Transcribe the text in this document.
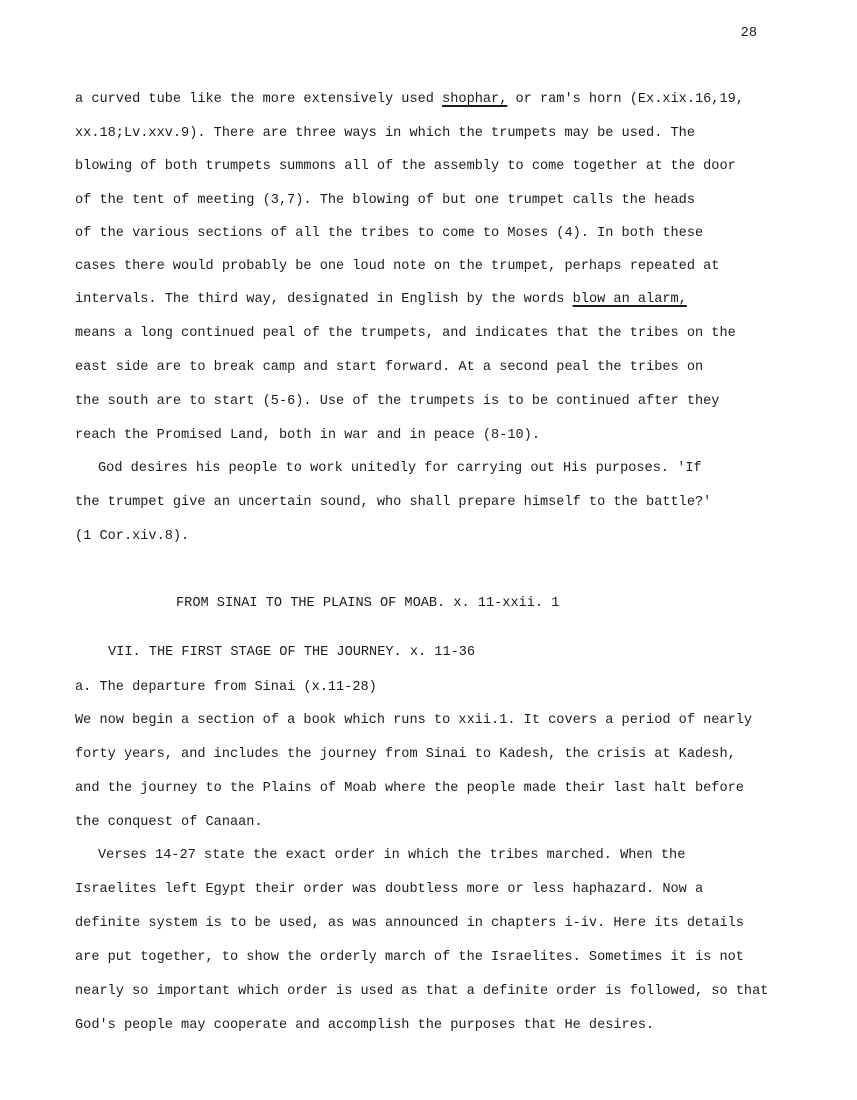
28
a curved tube like the more extensively used shophar, or ram's horn (Ex.xix.16,19,
xx.18;Lv.xxv.9). There are three ways in which the trumpets may be used. The
blowing of both trumpets summons all of the assembly to come together at the door
of the tent of meeting (3,7). The blowing of but one trumpet calls the heads
of the various sections of all the tribes to come to Moses (4). In both these
cases there would probably be one loud note on the trumpet, perhaps repeated at
intervals. The third way, designated in English by the words blow an alarm,
means a long continued peal of the trumpets, and indicates that the tribes on the
east side are to break camp and start forward. At a second peal the tribes on
the south are to start (5-6). Use of the trumpets is to be continued after they
reach the Promised Land, both in war and in peace (8-10).
God desires his people to work unitedly for carrying out His purposes. 'If
the trumpet give an uncertain sound, who shall prepare himself to the battle?'
(1 Cor.xiv.8).
FROM SINAI TO THE PLAINS OF MOAB. x. 11-xxii. 1
VII. THE FIRST STAGE OF THE JOURNEY. x. 11-36
a. The departure from Sinai (x.11-28)
We now begin a section of a book which runs to xxii.1. It covers a period of nearly
forty years, and includes the journey from Sinai to Kadesh, the crisis at Kadesh,
and the journey to the Plains of Moab where the people made their last halt before
the conquest of Canaan.
Verses 14-27 state the exact order in which the tribes marched. When the
Israelites left Egypt their order was doubtless more or less haphazard. Now a
definite system is to be used, as was announced in chapters i-iv. Here its details
are put together, to show the orderly march of the Israelites. Sometimes it is not
nearly so important which order is used as that a definite order is followed, so that
God's people may cooperate and accomplish the purposes that He desires.
